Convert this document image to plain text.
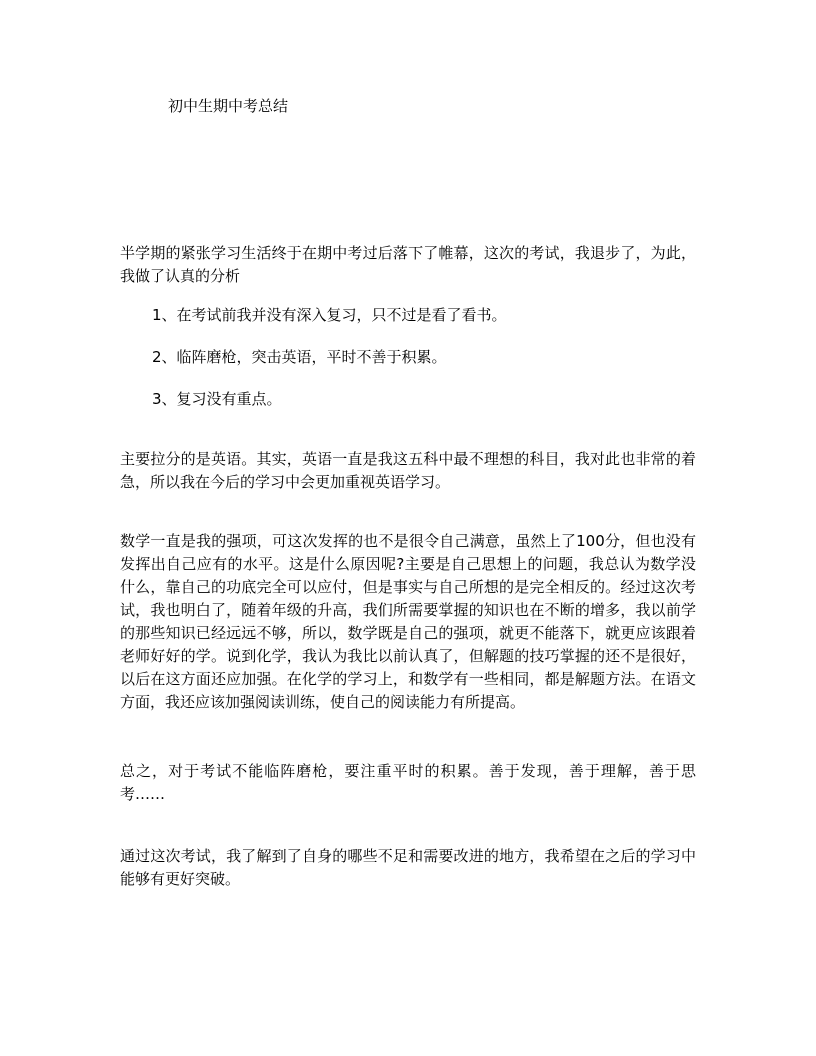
初中生期中考总结
半学期的紧张学习生活终于在期中考过后落下了帷幕，这次的考试，我退步了，为此，我做了认真的分析
1、在考试前我并没有深入复习，只不过是看了看书。
2、临阵磨枪，突击英语，平时不善于积累。
3、复习没有重点。
主要拉分的是英语。其实，英语一直是我这五科中最不理想的科目，我对此也非常的着急，所以我在今后的学习中会更加重视英语学习。
数学一直是我的强项，可这次发挥的也不是很令自己满意，虽然上了100分，但也没有发挥出自己应有的水平。这是什么原因呢?主要是自己思想上的问题，我总认为数学没什么，靠自己的功底完全可以应付，但是事实与自己所想的是完全相反的。经过这次考试，我也明白了，随着年级的升高，我们所需要掌握的知识也在不断的增多，我以前学的那些知识已经远远不够，所以，数学既是自己的强项，就更不能落下，就更应该跟着老师好好的学。说到化学，我认为我比以前认真了，但解题的技巧掌握的还不是很好，以后在这方面还应加强。在化学的学习上，和数学有一些相同，都是解题方法。在语文方面，我还应该加强阅读训练，使自己的阅读能力有所提高。
总之，对于考试不能临阵磨枪，要注重平时的积累。善于发现，善于理解，善于思考……
通过这次考试，我了解到了自身的哪些不足和需要改进的地方，我希望在之后的学习中能够有更好突破。
